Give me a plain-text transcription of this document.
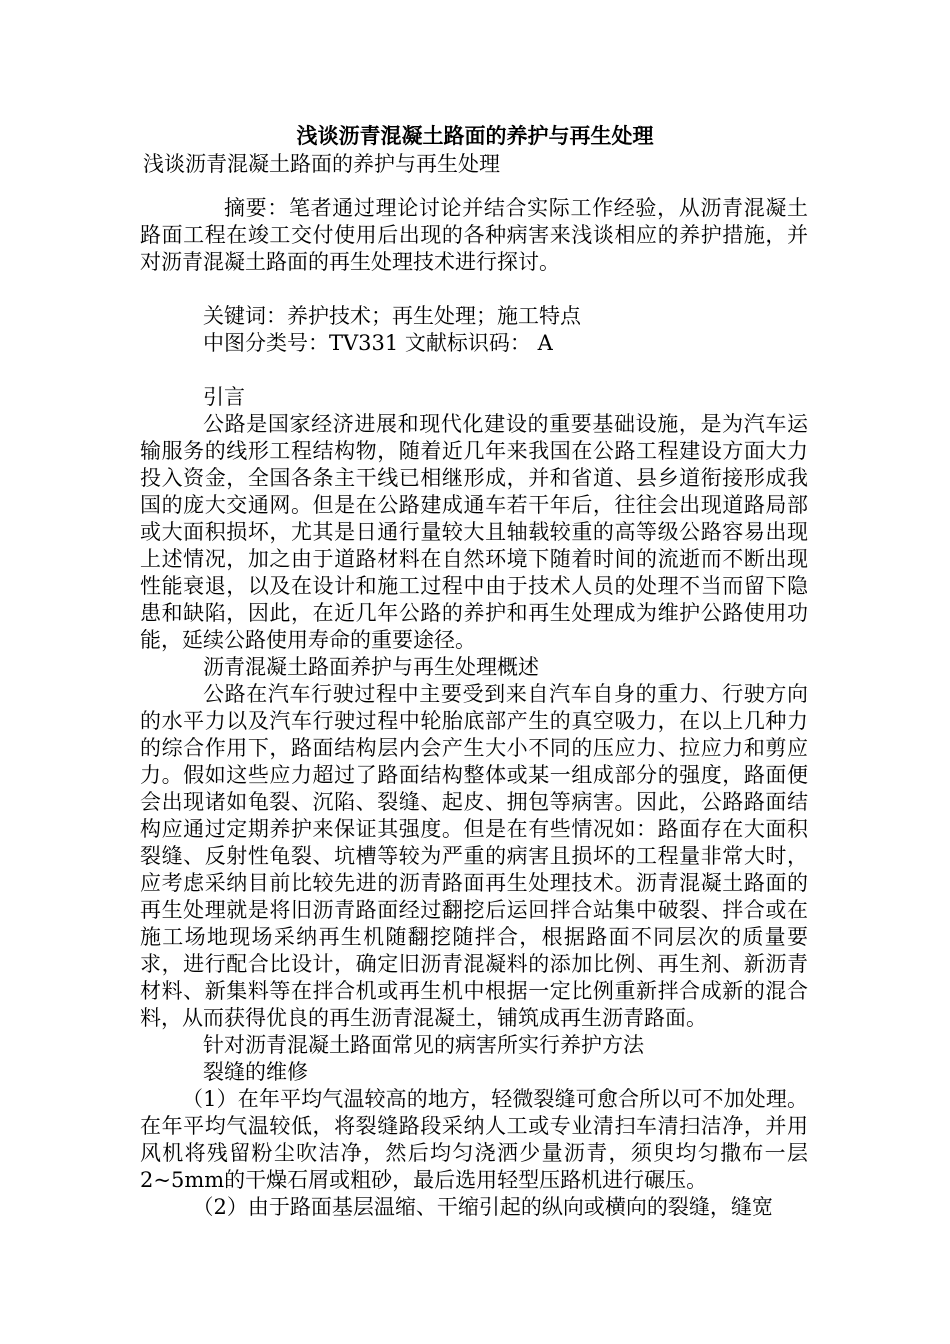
浅谈沥青混凝土路面的养护与再生处理
浅谈沥青混凝土路面的养护与再生处理

摘要：笔者通过理论讨论并结合实际工作经验，从沥青混凝土路面工程在竣工交付使用后出现的各种病害来浅谈相应的养护措施，并对沥青混凝土路面的再生处理技术进行探讨。

关键词：养护技术；再生处理；施工特点

中图分类号：TV331 文献标识码： A

引言

公路是国家经济进展和现代化建设的重要基础设施，是为汽车运输服务的线形工程结构物，随着近几年来我国在公路工程建设方面大力投入资金，全国各条主干线已相继形成，并和省道、县乡道衔接形成我国的庞大交通网。但是在公路建成通车若干年后，往往会出现道路局部或大面积损坏，尤其是日通行量较大且轴载较重的高等级公路容易出现上述情况，加之由于道路材料在自然环境下随着时间的流逝而不断出现性能衰退，以及在设计和施工过程中由于技术人员的处理不当而留下隐患和缺陷，因此，在近几年公路的养护和再生处理成为维护公路使用功能，延续公路使用寿命的重要途径。

沥青混凝土路面养护与再生处理概述

公路在汽车行驶过程中主要受到来自汽车自身的重力、行驶方向的水平力以及汽车行驶过程中轮胎底部产生的真空吸力，在以上几种力的综合作用下，路面结构层内会产生大小不同的压应力、拉应力和剪应力。假如这些应力超过了路面结构整体或某一组成部分的强度，路面便会出现诸如龟裂、沉陷、裂缝、起皮、拥包等病害。因此，公路路面结构应通过定期养护来保证其强度。但是在有些情况如：路面存在大面积裂缝、反射性龟裂、坑槽等较为严重的病害且损坏的工程量非常大时，应考虑采纳目前比较先进的沥青路面再生处理技术。沥青混凝土路面的再生处理就是将旧沥青路面经过翻挖后运回拌合站集中破裂、拌合或在施工场地现场采纳再生机随翻挖随拌合，根据路面不同层次的质量要求，进行配合比设计，确定旧沥青混凝料的添加比例、再生剂、新沥青材料、新集料等在拌合机或再生机中根据一定比例重新拌合成新的混合料，从而获得优良的再生沥青混凝土，铺筑成再生沥青路面。

针对沥青混凝土路面常见的病害所实行养护方法

裂缝的维修

（1）在年平均气温较高的地方，轻微裂缝可愈合所以可不加处理。在年平均气温较低，将裂缝路段采纳人工或专业清扫车清扫洁净，并用风机将残留粉尘吹洁净，然后均匀浇洒少量沥青，须臾均匀撒布一层2~5mm的干燥石屑或粗砂，最后选用轻型压路机进行碾压。

（2）由于路面基层温缩、干缩引起的纵向或横向的裂缝，缝宽
